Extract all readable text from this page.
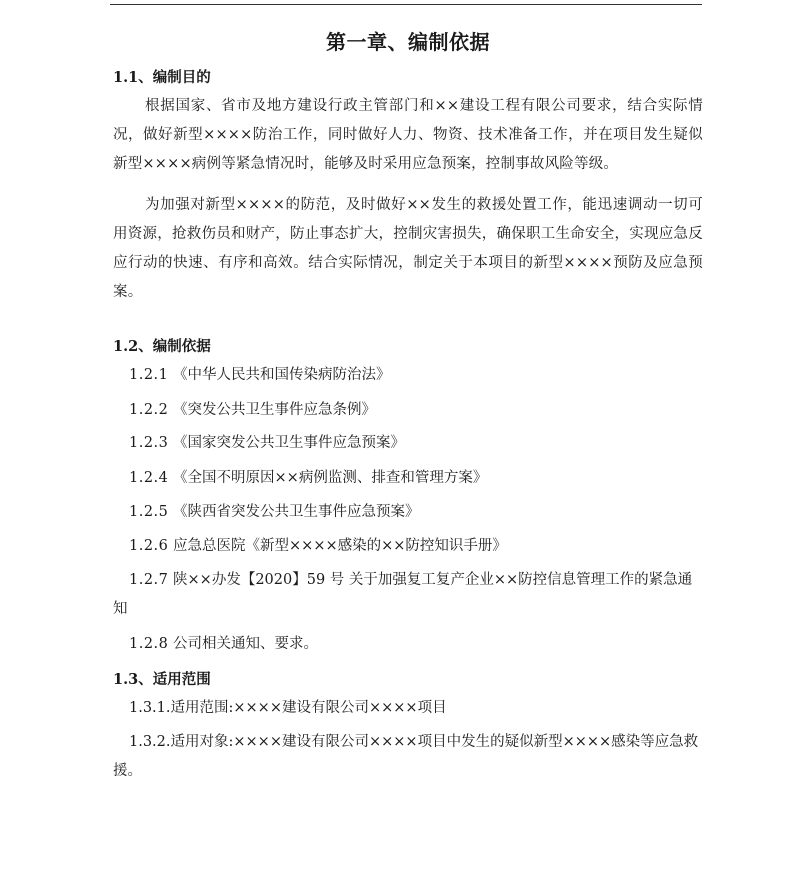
第一章、编制依据
1.1、编制目的
根据国家、省市及地方建设行政主管部门和××建设工程有限公司要求，结合实际情况，做好新型××××防治工作，同时做好人力、物资、技术准备工作，并在项目发生疑似新型××××病例等紧急情况时，能够及时采用应急预案，控制事故风险等级。
为加强对新型××××的防范，及时做好××发生的救援处置工作，能迅速调动一切可用资源，抢救伤员和财产，防止事态扩大，控制灾害损失，确保职工生命安全，实现应急反应行动的快速、有序和高效。结合实际情况，制定关于本项目的新型××××预防及应急预案。
1.2、编制依据
1.2.1 《中华人民共和国传染病防治法》
1.2.2 《突发公共卫生事件应急条例》
1.2.3 《国家突发公共卫生事件应急预案》
1.2.4 《全国不明原因××病例监测、排查和管理方案》
1.2.5 《陕西省突发公共卫生事件应急预案》
1.2.6 应急总医院《新型××××感染的××防控知识手册》
1.2.7 陕××办发【2020】59 号 关于加强复工复产企业××防控信息管理工作的紧急通知
1.2.8 公司相关通知、要求。
1.3、适用范围
1.3.1.适用范围:××××建设有限公司××××项目
1.3.2.适用对象:××××建设有限公司××××项目中发生的疑似新型××××感染等应急救援。
